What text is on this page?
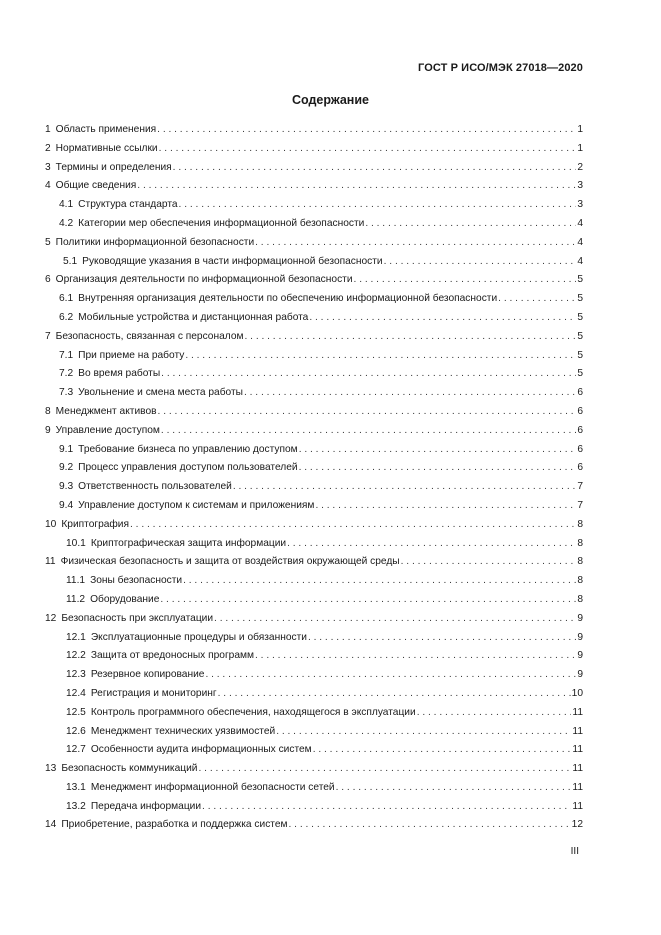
ГОСТ Р ИСО/МЭК 27018—2020
Содержание
1 Область применения . . .	1
2 Нормативные ссылки . . .	1
3 Термины и определения . . .	2
4 Общие сведения . . .	3
4.1 Структура стандарта . . .	3
4.2 Категории мер обеспечения информационной безопасности . . .	4
5 Политики информационной безопасности . . .	4
5.1 Руководящие указания в части информационной безопасности . . .	4
6 Организация деятельности по информационной безопасности . . .	5
6.1 Внутренняя организация деятельности по обеспечению информационной безопасности . . .	5
6.2 Мобильные устройства и дистанционная работа . . .	5
7 Безопасность, связанная с персоналом . . .	5
7.1 При приеме на работу . . .	5
7.2 Во время работы . . .	5
7.3 Увольнение и смена места работы . . .	6
8 Менеджмент активов . . .	6
9 Управление доступом . . .	6
9.1 Требование бизнеса по управлению доступом . . .	6
9.2 Процесс управления доступом пользователей . . .	6
9.3 Ответственность пользователей . . .	7
9.4 Управление доступом к системам и приложениям . . .	7
10 Криптография . . .	8
10.1 Криптографическая защита информации . . .	8
11 Физическая безопасность и защита от воздействия окружающей среды . . .	8
11.1 Зоны безопасности . . .	8
11.2 Оборудование . . .	8
12 Безопасность при эксплуатации . . .	9
12.1 Эксплуатационные процедуры и обязанности . . .	9
12.2 Защита от вредоносных программ . . .	9
12.3 Резервное копирование . . .	9
12.4 Регистрация и мониторинг . . .	10
12.5 Контроль программного обеспечения, находящегося в эксплуатации . . .	11
12.6 Менеджмент технических уязвимостей . . .	11
12.7 Особенности аудита информационных систем . . .	11
13 Безопасность коммуникаций . . .	11
13.1 Менеджмент информационной безопасности сетей . . .	11
13.2 Передача информации . . .	11
14 Приобретение, разработка и поддержка систем . . .	12
III
